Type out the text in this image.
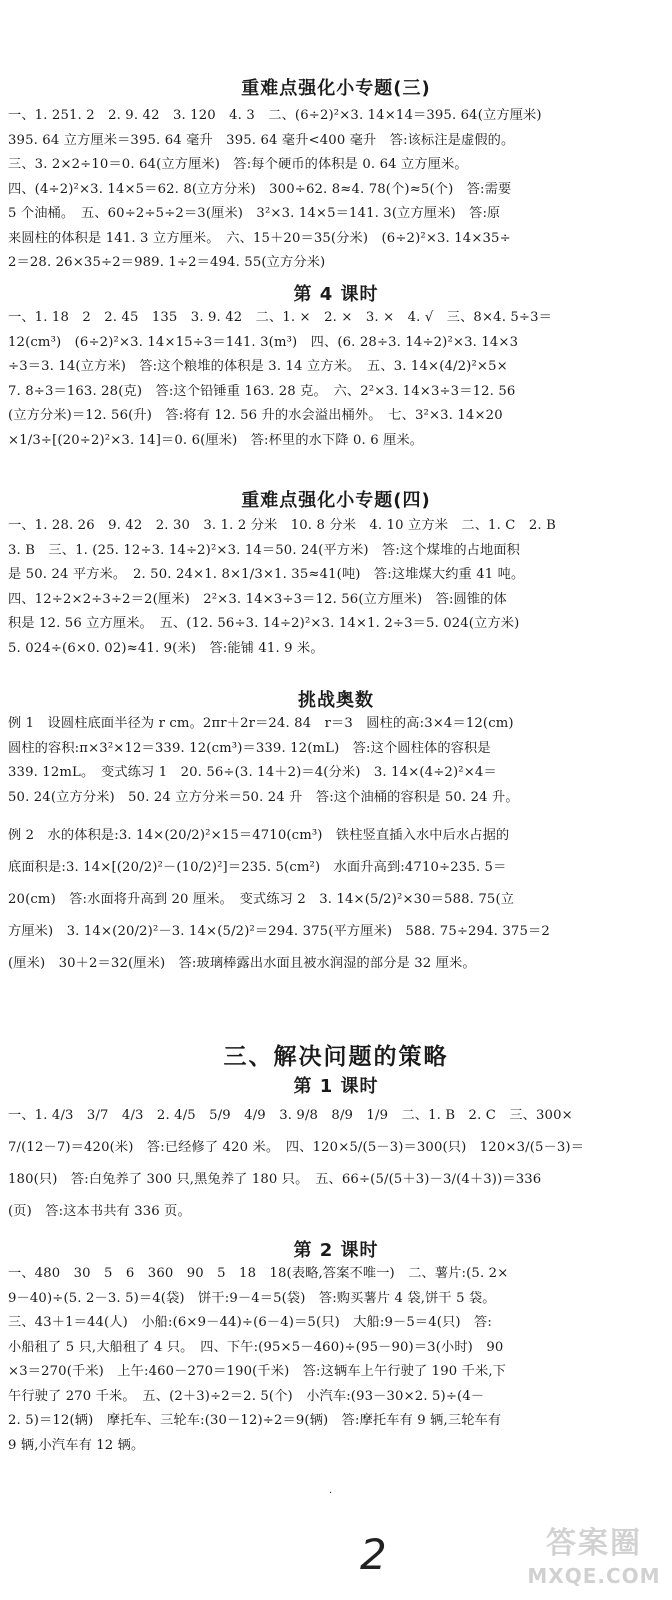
重难点强化小专题(三)
一、1. 251. 2　2. 9. 42　3. 120　4. 3　二、(6÷2)²×3. 14×14＝395. 64(立方厘米)
395. 64 立方厘米＝395. 64 毫升　395. 64 毫升<400 毫升　答:该标注是虚假的。
三、3. 2×2÷10＝0. 64(立方厘米)　答:每个硬币的体积是 0. 64 立方厘米。
四、(4÷2)²×3. 14×5＝62. 8(立方分米)　300÷62. 8≈4. 78(个)≈5(个)　答:需要
5 个油桶。　五、60÷2÷5÷2＝3(厘米)　3²×3. 14×5＝141. 3(立方厘米)　答:原
来圆柱的体积是 141. 3 立方厘米。　六、15＋20＝35(分米)　(6÷2)²×3. 14×35÷
2＝28. 26×35÷2＝989. 1÷2＝494. 55(立方分米)
第 4 课时
一、1. 18　2　2. 45　135　3. 9. 42　二、1. ×　2. ×　3. ×　4. √　三、8×4. 5÷3＝
12(cm³)　(6÷2)²×3. 14×15÷3＝141. 3(m³)　四、(6. 28÷3. 14÷2)²×3. 14×3
÷3＝3. 14(立方米)　答:这个粮堆的体积是 3. 14 立方米。　五、3. 14×(4/2)²×5×
7. 8÷3＝163. 28(克)　答:这个铅锤重 163. 28 克。　六、2²×3. 14×3÷3＝12. 56
(立方分米)＝12. 56(升)　答:将有 12. 56 升的水会溢出桶外。　七、3²×3. 14×20
×1/3÷[(20÷2)²×3. 14]＝0. 6(厘米)　答:杯里的水下降 0. 6 厘米。
重难点强化小专题(四)
一、1. 28. 26　9. 42　2. 30　3. 1. 2 分米　10. 8 分米　4. 10 立方米　二、1. C　2. B
3. B　三、1. (25. 12÷3. 14÷2)²×3. 14＝50. 24(平方米)　答:这个煤堆的占地面积
是 50. 24 平方米。　2. 50. 24×1. 8×1/3×1. 35≈41(吨)　答:这堆煤大约重 41 吨。
四、12÷2×2÷3÷2＝2(厘米)　2²×3. 14×3÷3＝12. 56(立方厘米)　答:圆锥的体
积是 12. 56 立方厘米。　五、(12. 56÷3. 14÷2)²×3. 14×1. 2÷3＝5. 024(立方米)
5. 024÷(6×0. 02)≈41. 9(米)　答:能铺 41. 9 米。
挑战奥数
例 1　设圆柱底面半径为 r cm。2πr＋2r＝24. 84　r＝3　圆柱的高:3×4＝12(cm)
圆柱的容积:π×3²×12＝339. 12(cm³)＝339. 12(mL)　答:这个圆柱体的容积是
339. 12mL。　变式练习 1　20. 56÷(3. 14＋2)＝4(分米)　3. 14×(4÷2)²×4＝
50. 24(立方分米)　50. 24 立方分米＝50. 24 升　答:这个油桶的容积是 50. 24 升。
例 2　水的体积是:3. 14×(20/2)²×15＝4710(cm³)　铁柱竖直插入水中后水占据的
底面积是:3. 14×[(20/2)²－(10/2)²]＝235. 5(cm²)　水面升高到:4710÷235. 5＝
20(cm)　答:水面将升高到 20 厘米。　变式练习 2　3. 14×(5/2)²×30＝588. 75(立
方厘米)　3. 14×(20/2)²－3. 14×(5/2)²＝294. 375(平方厘米)　588. 75÷294. 375＝2
(厘米)　30＋2＝32(厘米)　答:玻璃棒露出水面且被水润湿的部分是 32 厘米。
三、解决问题的策略
第 1 课时
一、1. 4/3　3/7　4/3　2. 4/5　5/9　4/9　3. 9/8　8/9　1/9　二、1. B　2. C　三、300×
7/(12－7)＝420(米)　答:已经修了 420 米。　四、120×5/(5－3)＝300(只)　120×3/(5－3)＝
180(只)　答:白兔养了 300 只,黑兔养了 180 只。　五、66÷(5/(5＋3)－3/(4＋3))＝336
(页)　答:这本书共有 336 页。
第 2 课时
一、480　30　5　6　360　90　5　18　18(表略,答案不唯一)　二、薯片:(5. 2×
9－40)÷(5. 2－3. 5)＝4(袋)　饼干:9－4＝5(袋)　答:购买薯片 4 袋,饼干 5 袋。
三、43＋1＝44(人)　小船:(6×9－44)÷(6－4)＝5(只)　大船:9－5＝4(只)　答:
小船租了 5 只,大船租了 4 只。　四、下午:(95×5－460)÷(95－90)＝3(小时)　90
×3＝270(千米)　上午:460－270＝190(千米)　答:这辆车上午行驶了 190 千米,下
午行驶了 270 千米。　五、(2＋3)÷2＝2. 5(个)　小汽车:(93－30×2. 5)÷(4－
2. 5)＝12(辆)　摩托车、三轮车:(30－12)÷2＝9(辆)　答:摩托车有 9 辆,三轮车有
9 辆,小汽车有 12 辆。

·

2	答案圈
MXQE.COM
